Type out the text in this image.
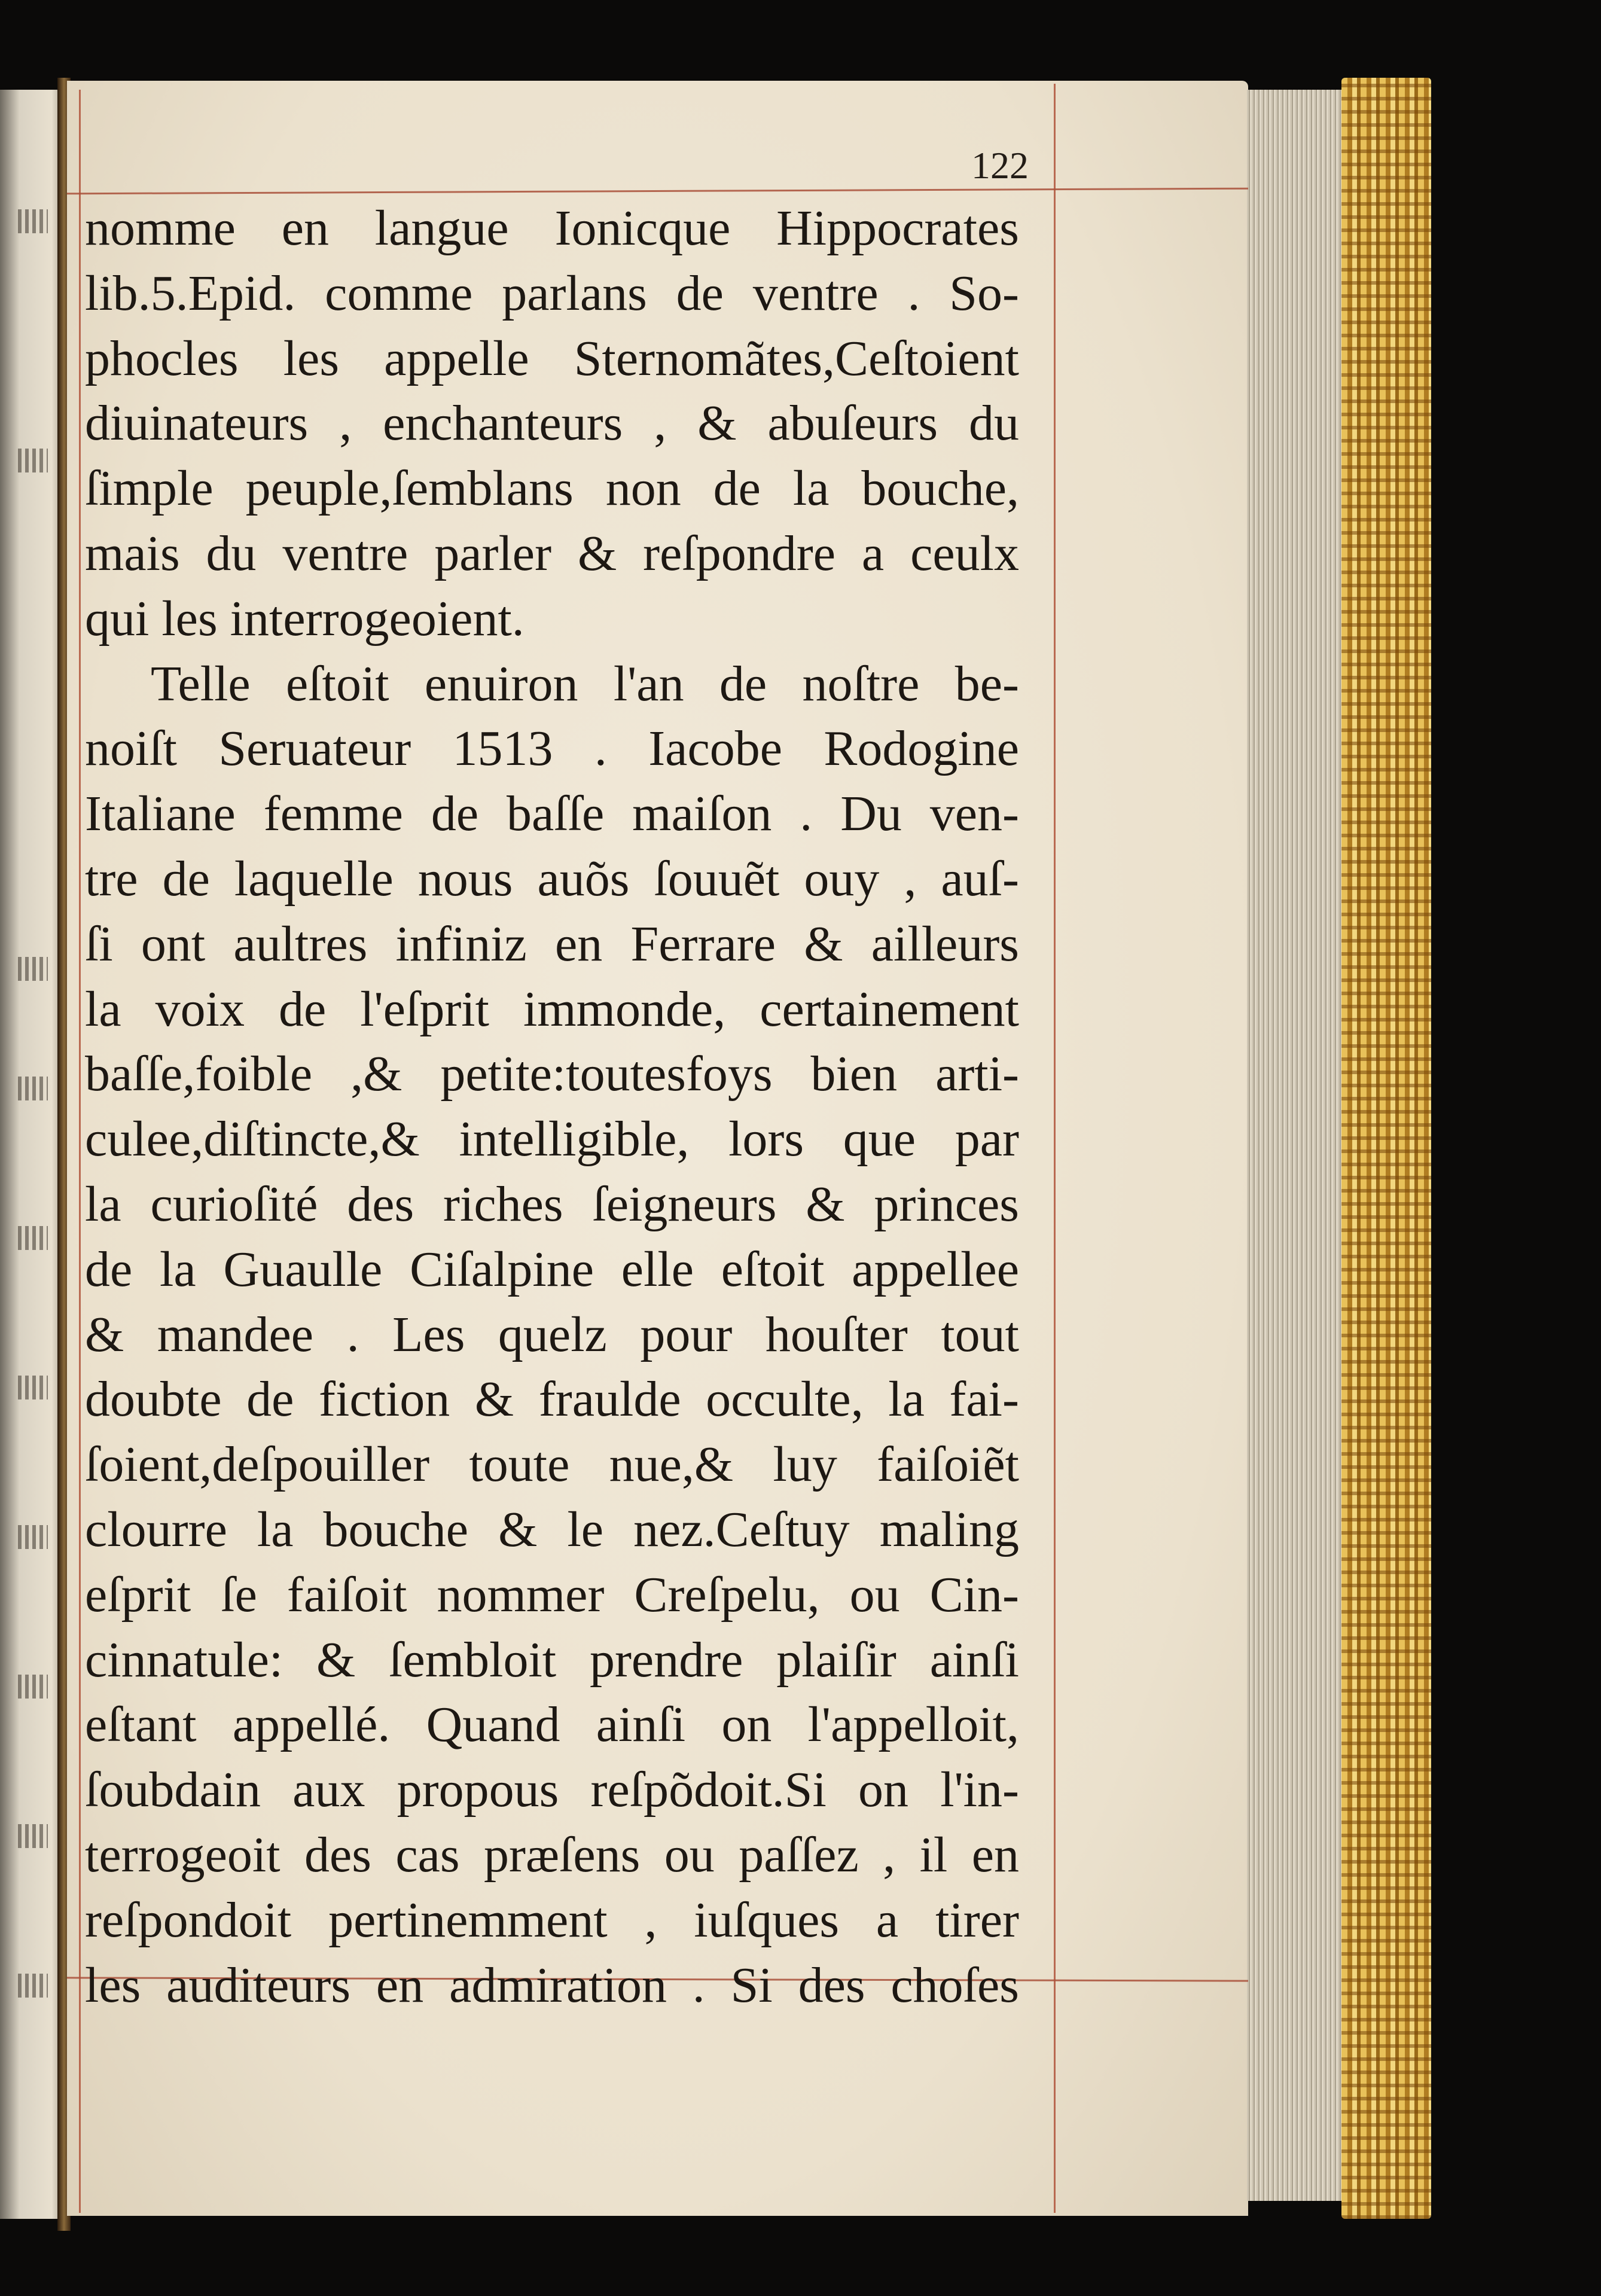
122
nomme en langue Ionicque Hippocrates
lib.5.Epid. comme parlans de ventre . So-
phocles les appelle Sternomãtes,Ceſtoient
diuinateurs , enchanteurs , & abuſeurs du
ſimple peuple,ſemblans non de la bouche,
mais du ventre parler & reſpondre a ceulx
qui les interrogeoient.
Telle eſtoit enuiron l'an de noſtre be-
noiſt Seruateur 1513 . Iacobe Rodogine
Italiane femme de baſſe maiſon . Du ven-
tre de laquelle nous auõs ſouuẽt ouy , auſ-
ſi ont aultres infiniz en Ferrare & ailleurs
la voix de l'eſprit immonde, certainement
baſſe,foible ,& petite:toutesfoys bien arti-
culee,diſtincte,& intelligible, lors que par
la curioſité des riches ſeigneurs & princes
de la Guaulle Ciſalpine elle eſtoit appellee
& mandee . Les quelz pour houſter tout
doubte de fiction & fraulde occulte, la fai-
ſoient,deſpouiller toute nue,& luy faiſoiẽt
clourre la bouche & le nez.Ceſtuy maling
eſprit ſe faiſoit nommer Creſpelu, ou Cin-
cinnatule: & ſembloit prendre plaiſir ainſi
eſtant appellé. Quand ainſi on l'appelloit,
ſoubdain aux propous reſpõdoit.Si on l'in-
terrogeoit des cas præſens ou paſſez , il en
reſpondoit pertinemment , iuſques a tirer
les auditeurs en admiration . Si des choſes
